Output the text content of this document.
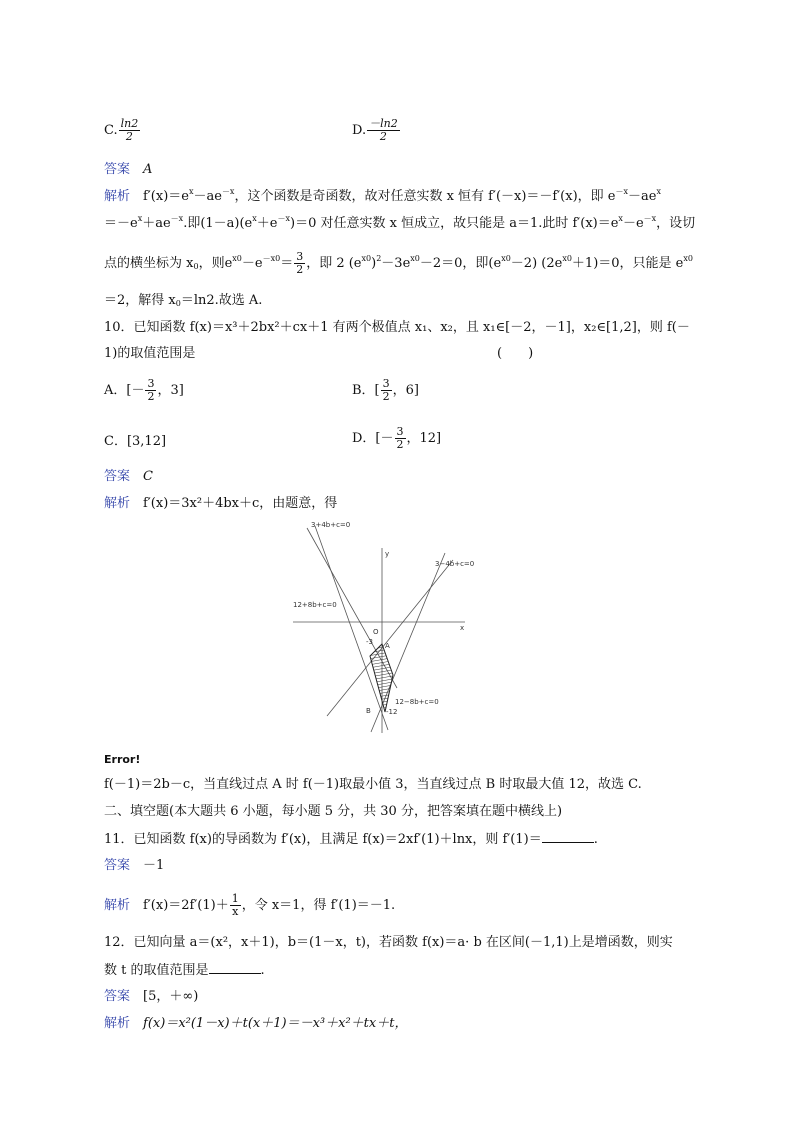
C. $\frac{\ln 2}{2}$	D. $\frac{-\ln 2}{2}$
答案　 A
解析　 $f'(x)=e^x-ae^{-x}$，这个函数是奇函数，故对任意实数 x 恒有 f′(－x)＝－f′(x)，即 $e^{-x}-ae^x$
$=-e^x+ae^{-x}$.即$(1-a)(e^x+e^{-x})=0$ 对任意实数 x 恒成立，故只能是 a＝1.此时 $f'(x)=e^x-e^{-x}$，设切
点的横坐标为 $x_0$，则$e^{x0}-e^{-x0}= \frac{3}{2}$ ，即 2 $(e^{x0})^2-3e^{x0}-2=0$，即$(e^{x0}-2)$ $(2e^{x0}+1)=0$，只能是 $e^{x0}$
＝2，解得 $x_0=\ln 2$.故选 A.
10．已知函数 f(x)＝x³＋2bx²＋cx＋1 有两个极值点 x₁、x₂，且 x₁∈[－2，－1]，x₂∈[1,2]，则 f(－
1)的取值范围是	(　　)
A．[－ $\frac{3}{2}$ ，3]	B．[ $\frac{3}{2}$ ，6]
C．[3,12]	D．[－ $\frac{3}{2}$ ，12]
答案　 C
解析　 f′(x)＝3x²＋4bx＋c，由题意，得
3+4b+c=0
3−4b+c=0
12+8b+c=0
12−8b+c=0
y
x
O
A
B
-3
-12
Error!
f(－1)＝2b－c，当直线过点 A 时 f(－1)取最小值 3，当直线过点 B 时取最大值 12，故选 C.
二、填空题(本大题共 6 小题，每小题 5 分，共 30 分，把答案填在题中横线上)
11．已知函数 f(x)的导函数为 f′(x)，且满足 f(x)＝2xf′(1)＋lnx，则 f′(1)＝	.
答案　 －1
解析　 $f'(x)=2f'(1)+ \frac{1}{x}$ ，令 x＝1，得 f′(1)＝－1.
12．已知向量 a＝(x²，x＋1)，b＝(1－x，t)，若函数 f(x)＝a· b 在区间(－1,1)上是增函数，则实
数 t 的取值范围是	.
答案　 [5，＋∞)
解析　 f(x)＝x²(1－x)＋t(x＋1)＝－x³＋x²＋tx＋t，
